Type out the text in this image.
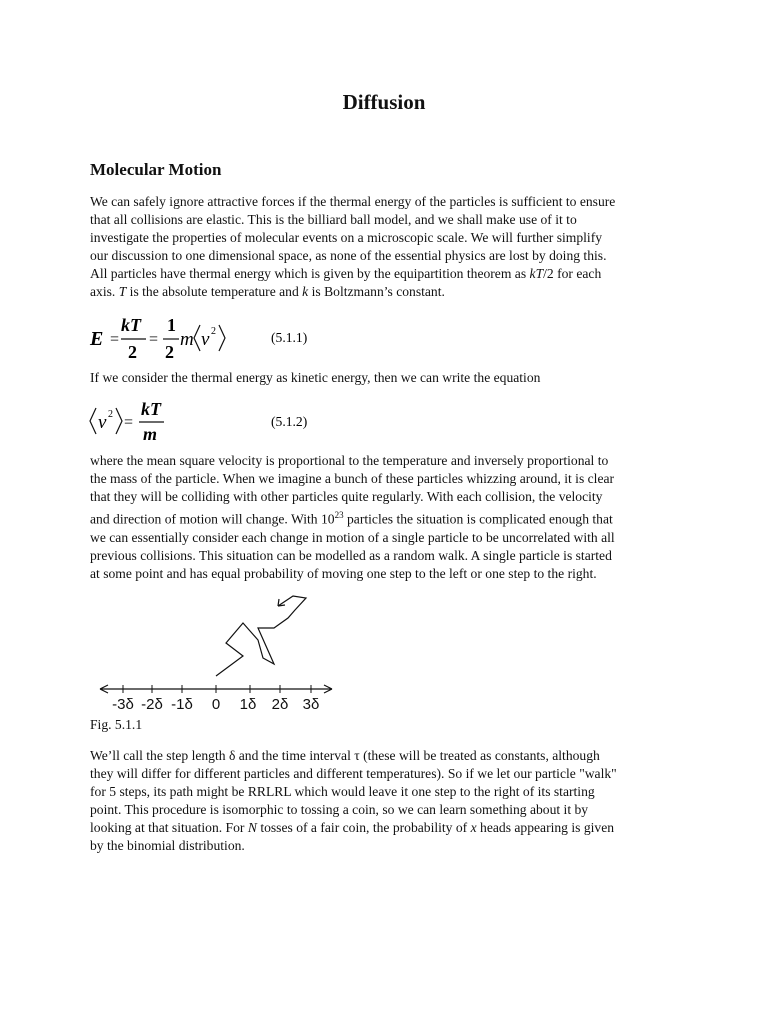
Diffusion
Molecular Motion

We can safely ignore attractive forces if the thermal energy of the particles is sufficient to ensure

that all collisions are elastic. This is the billiard ball model, and we shall make use of it to

investigate the properties of molecular events on a microscopic scale. We will further simplify

our discussion to one dimensional space, as none of the essential physics are lost by doing this.

All particles have thermal energy which is given by the equipartition theorem as kT/2 for each

axis. T is the absolute temperature and k is Boltzmann’s constant.

E =
kT
2
=
1
2
m v 2	(5.1.1)

If we consider the thermal energy as kinetic energy, then we can write the equation

v 2 =
kT
m
(5.1.2)

where the mean square velocity is proportional to the temperature and inversely proportional to

the mass of the particle. When we imagine a bunch of these particles whizzing around, it is clear

that they will be colliding with other particles quite regularly. With each collision, the velocity

and direction of motion will change. With $10^{23}$ particles the situation is complicated enough that

we can essentially consider each change in motion of a single particle to be uncorrelated with all

previous collisions. This situation can be modelled as a random walk. A single particle is started

at some point and has equal probability of moving one step to the left or one step to the right.

-3δ -2δ -1δ 0 1δ 2δ 3δ
Fig. 5.1.1

We’ll call the step length δ and the time interval τ (these will be treated as constants, although

they will differ for different particles and different temperatures). So if we let our particle "walk"

for 5 steps, its path might be RRLRL which would leave it one step to the right of its starting

point. This procedure is isomorphic to tossing a coin, so we can learn something about it by

looking at that situation. For N tosses of a fair coin, the probability of x heads appearing is given

by the binomial distribution.
